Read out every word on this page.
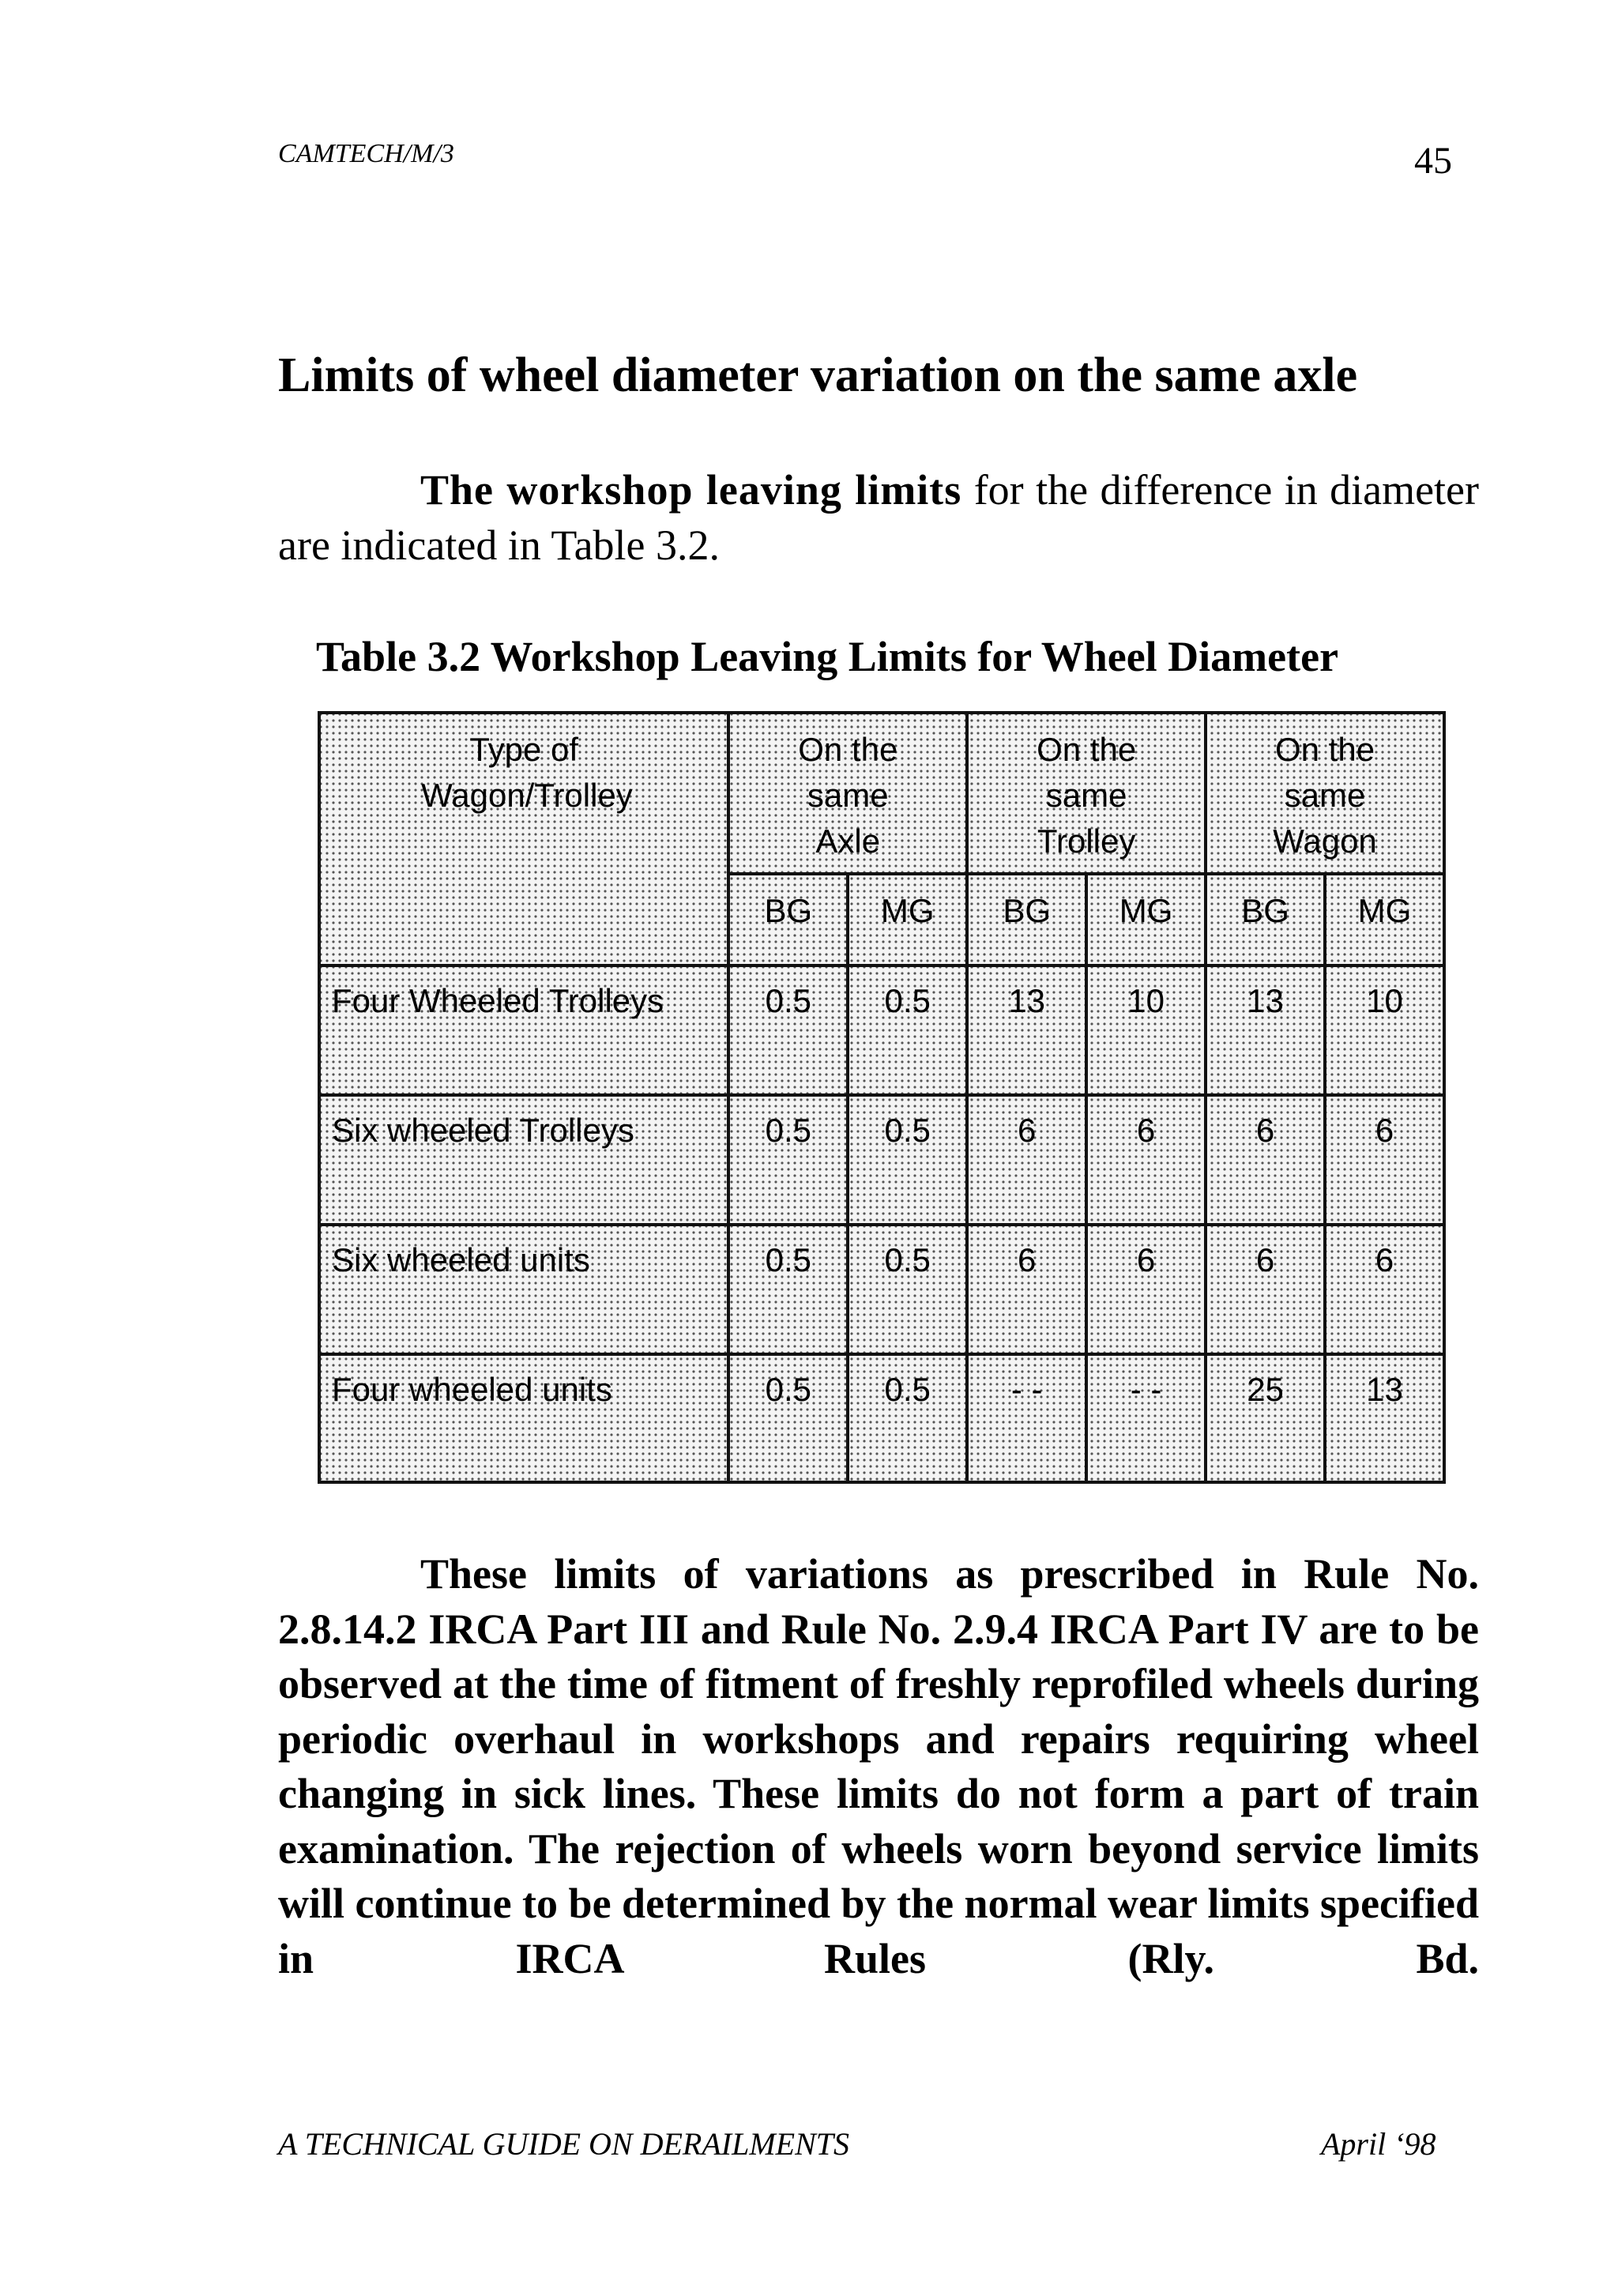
CAMTECH/M/3	45
Limits of wheel diameter variation on the same axle
The workshop leaving limits for the difference in diameter are indicated in Table 3.2.
Table 3.2 Workshop Leaving Limits for Wheel Diameter
Type of Wagon/Trolley	On the same Axle		On the same Trolley		On the same Wagon	
	BG	MG	BG	MG	BG	MG
Four Wheeled Trolleys	0.5	0.5	13	10	13	10
Six wheeled Trolleys	0.5	0.5	6	6	6	6
Six wheeled units	0.5	0.5	6	6	6	6
Four wheeled units	0.5	0.5	- -	- -	25	13
These limits of variations as prescribed in Rule No. 2.8.14.2 IRCA Part III and Rule No. 2.9.4 IRCA Part IV are to be observed at the time of fitment of freshly reprofiled wheels during periodic overhaul in workshops and repairs requiring wheel changing in sick lines. These limits do not form a part of train examination. The rejection of wheels worn beyond service limits will continue to be determined by the normal wear limits specified in IRCA Rules (Rly. Bd.
A TECHNICAL GUIDE ON DERAILMENTS	April ‘98
